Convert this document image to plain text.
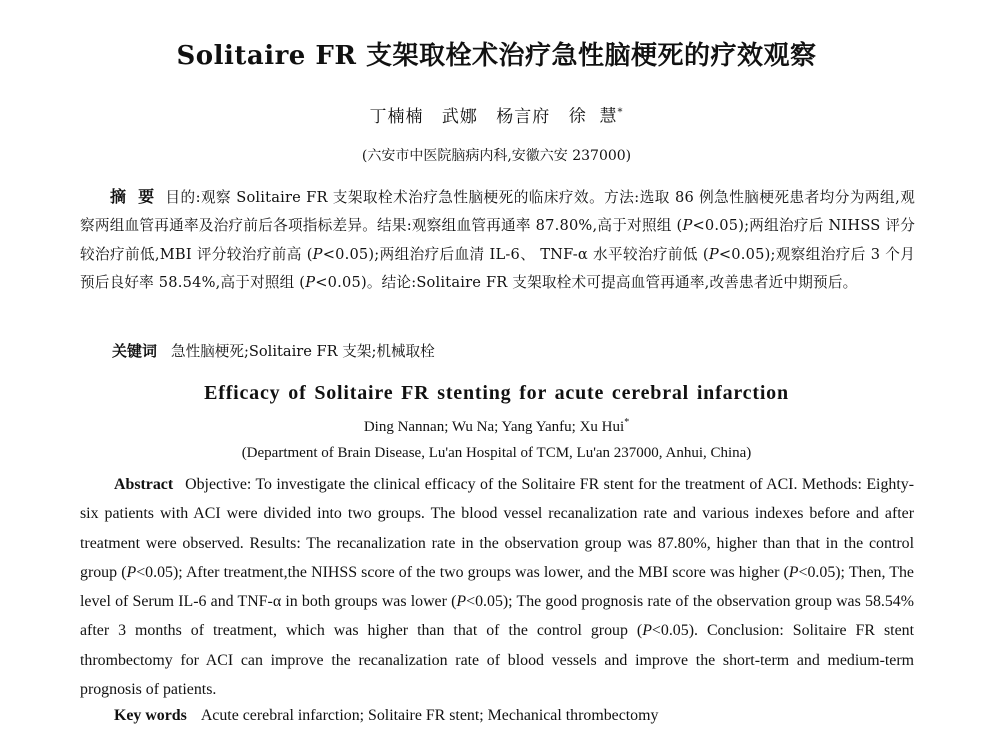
Solitaire FR 支架取栓术治疗急性脑梗死的疗效观察
丁楠楠 武娜 杨言府 徐  慧*
(六安市中医院脑病内科,安徽六安 237000)

摘 要 目的:观察 Solitaire FR 支架取栓术治疗急性脑梗死的临床疗效。方法:选取 86 例急性脑梗死患者均分为两组,观察两组血管再通率及治疗前后各项指标差异。结果:观察组血管再通率 87.80%,高于对照组 (P<0.05);两组治疗后 NIHSS 评分较治疗前低,MBI 评分较治疗前高 (P<0.05);两组治疗后血清 IL-6、 TNF-α 水平较治疗前低 (P<0.05);观察组治疗后 3 个月预后良好率 58.54%,高于对照组 (P<0.05)。结论:Solitaire FR 支架取栓术可提高血管再通率,改善患者近中期预后。

关键词 急性脑梗死;Solitaire FR 支架;机械取栓
Efficacy of Solitaire FR stenting for acute cerebral infarction
Ding Nannan; Wu Na; Yang Yanfu; Xu Hui*
(Department of Brain Disease, Lu'an Hospital of TCM, Lu'an 237000, Anhui, China)

Abstract Objective: To investigate the clinical efficacy of the Solitaire FR stent for the treatment of ACI. Methods: Eighty-six patients with ACI were divided into two groups. The blood vessel recanalization rate and various indexes before and after treatment were observed. Results: The recanalization rate in the observation group was 87.80%, higher than that in the control group (P<0.05); After treatment,the NIHSS score of the two groups was lower, and the MBI score was higher (P<0.05); Then, The level of Serum IL-6 and TNF-α in both groups was lower (P<0.05); The good prognosis rate of the observation group was 58.54% after 3 months of treatment, which was higher than that of the control group (P<0.05). Conclusion: Solitaire FR stent thrombectomy for ACI can improve the recanalization rate of blood vessels and improve the short-term and medium-term prognosis of patients.

Key words Acute cerebral infarction; Solitaire FR stent; Mechanical thrombectomy
